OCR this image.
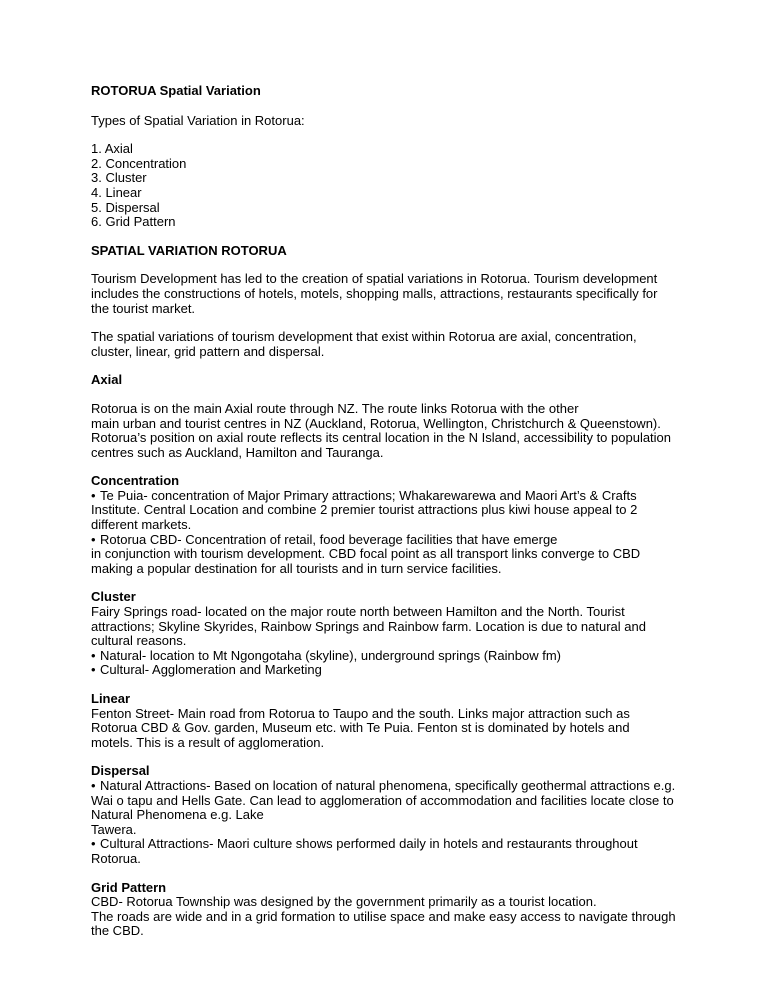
ROTORUA Spatial Variation

Types of Spatial Variation in Rotorua:

1. Axial
2. Concentration
3. Cluster
4. Linear
5. Dispersal
6. Grid Pattern

SPATIAL VARIATION ROTORUA

Tourism Development has led to the creation of spatial variations in Rotorua. Tourism development

includes the constructions of hotels, motels, shopping malls, attractions, restaurants specifically for

the tourist market.

The spatial variations of tourism development that exist within Rotorua are axial, concentration,

cluster, linear, grid pattern and dispersal.

Axial

Rotorua is on the main Axial route through NZ. The route links Rotorua with the other

main urban and tourist centres in NZ (Auckland, Rotorua, Wellington, Christchurch & Queenstown).

Rotorua’s position on axial route reflects its central location in the N Island, accessibility to population

centres such as Auckland, Hamilton and Tauranga.

Concentration

• Te Puia- concentration of Major Primary attractions; Whakarewarewa and Maori Art’s & Crafts

Institute. Central Location and combine 2 premier tourist attractions plus kiwi house appeal to 2

different markets.

• Rotorua CBD- Concentration of retail, food beverage facilities that have emerge

in conjunction with tourism development. CBD focal point as all transport links converge to CBD

making a popular destination for all tourists and in turn service facilities.

Cluster

Fairy Springs road- located on the major route north between Hamilton and the North. Tourist

attractions; Skyline Skyrides, Rainbow Springs and Rainbow farm. Location is due to natural and

cultural reasons.

• Natural- location to Mt Ngongotaha (skyline), underground springs (Rainbow fm)

• Cultural- Agglomeration and Marketing

Linear

Fenton Street- Main road from Rotorua to Taupo and the south. Links major attraction such as

Rotorua CBD & Gov. garden, Museum etc. with Te Puia. Fenton st is dominated by hotels and

motels. This is a result of agglomeration.

Dispersal

• Natural Attractions- Based on location of natural phenomena, specifically geothermal attractions e.g.

Wai o tapu and Hells Gate. Can lead to agglomeration of accommodation and facilities locate close to

Natural Phenomena e.g. Lake

Tawera.

• Cultural Attractions- Maori culture shows performed daily in hotels and restaurants throughout

Rotorua.

Grid Pattern

CBD- Rotorua Township was designed by the government primarily as a tourist location.

The roads are wide and in a grid formation to utilise space and make easy access to navigate through

the CBD.
